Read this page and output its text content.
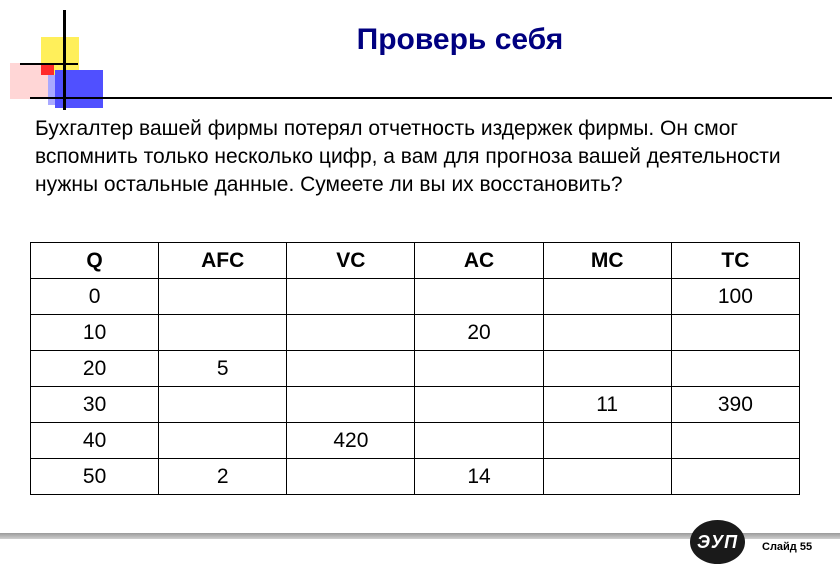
Проверь себя
Бухгалтер вашей фирмы потерял отчетность издержек фирмы. Он смог вспомнить только несколько цифр, а вам для прогноза вашей деятельности нужны остальные данные. Сумеете ли вы их восстановить?
Q	AFC	VC	AC	MC	TC
0					100
10			20		
20	5				
30				11	390
40		420			
50	2		14		
ЭУП	Слайд 55
